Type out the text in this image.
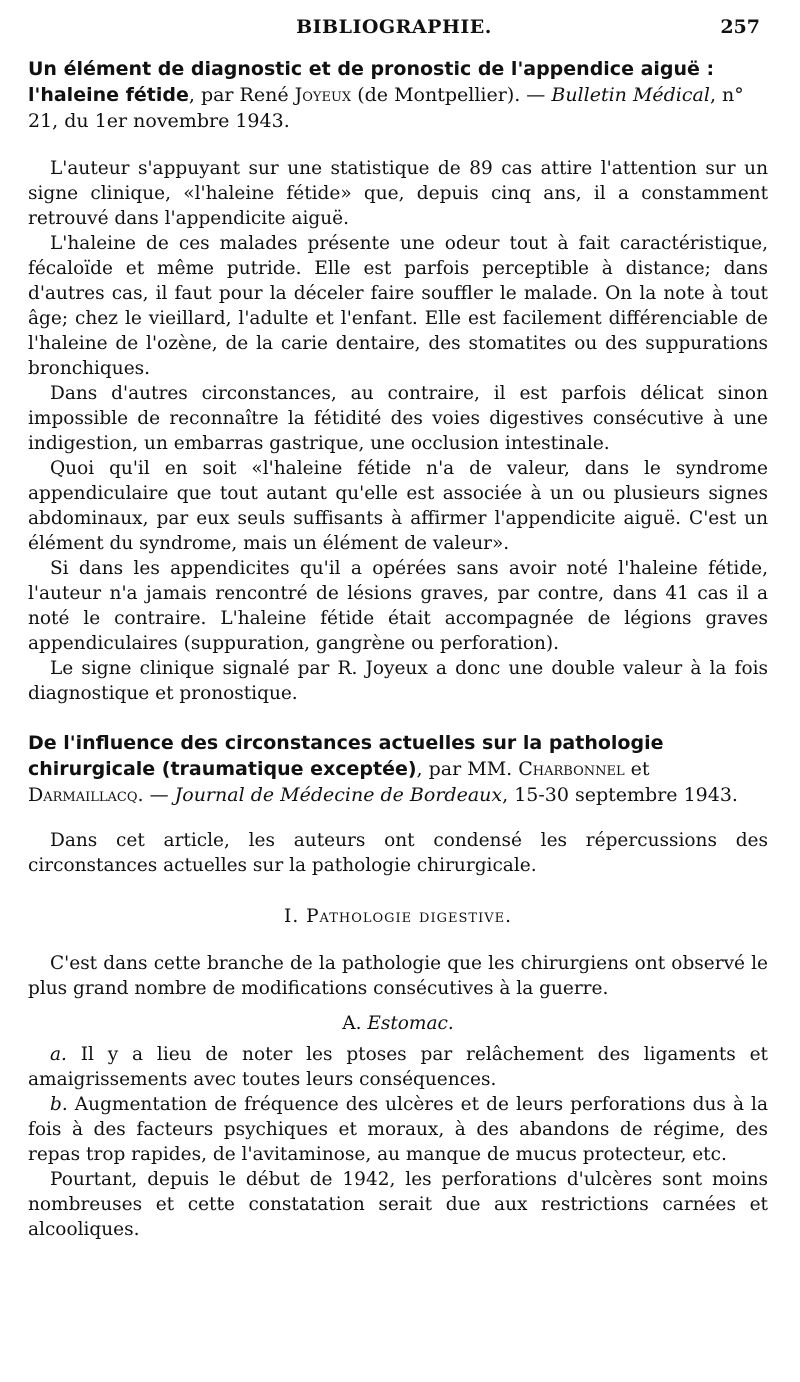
BIBLIOGRAPHIE.	257
Un élément de diagnostic et de pronostic de l'appendice aiguë : l'haleine fétide, par René Joyeux (de Montpellier). — Bulletin Médical, n° 21, du 1er novembre 1943.

L'auteur s'appuyant sur une statistique de 89 cas attire l'attention sur un signe clinique, «l'haleine fétide» que, depuis cinq ans, il a constamment retrouvé dans l'appendicite aiguë.

L'haleine de ces malades présente une odeur tout à fait caractéristique, fécaloïde et même putride. Elle est parfois perceptible à distance; dans d'autres cas, il faut pour la déceler faire souffler le malade. On la note à tout âge; chez le vieillard, l'adulte et l'enfant. Elle est facilement différenciable de l'haleine de l'ozène, de la carie dentaire, des stomatites ou des suppurations bronchiques.

Dans d'autres circonstances, au contraire, il est parfois délicat sinon impossible de reconnaître la fétidité des voies digestives consécutive à une indigestion, un embarras gastrique, une occlusion intestinale.

Quoi qu'il en soit «l'haleine fétide n'a de valeur, dans le syndrome appendiculaire que tout autant qu'elle est associée à un ou plusieurs signes abdominaux, par eux seuls suffisants à affirmer l'appendicite aiguë. C'est un élément du syndrome, mais un élément de valeur».

Si dans les appendicites qu'il a opérées sans avoir noté l'haleine fétide, l'auteur n'a jamais rencontré de lésions graves, par contre, dans 41 cas il a noté le contraire. L'haleine fétide était accompagnée de légions graves appendiculaires (suppuration, gangrène ou perforation).

Le signe clinique signalé par R. Joyeux a donc une double valeur à la fois diagnostique et pronostique.

De l'influence des circonstances actuelles sur la pathologie chirurgicale (traumatique exceptée), par MM. Charbonnel et Darmaillacq. — Journal de Médecine de Bordeaux, 15-30 septembre 1943.

Dans cet article, les auteurs ont condensé les répercussions des circonstances actuelles sur la pathologie chirurgicale.

I. Pathologie digestive.

C'est dans cette branche de la pathologie que les chirurgiens ont observé le plus grand nombre de modifications consécutives à la guerre.

A. Estomac.

a. Il y a lieu de noter les ptoses par relâchement des ligaments et amaigrissements avec toutes leurs conséquences.

b. Augmentation de fréquence des ulcères et de leurs perforations dus à la fois à des facteurs psychiques et moraux, à des abandons de régime, des repas trop rapides, de l'avitaminose, au manque de mucus protecteur, etc.

Pourtant, depuis le début de 1942, les perforations d'ulcères sont moins nombreuses et cette constatation serait due aux restrictions carnées et alcooliques.
